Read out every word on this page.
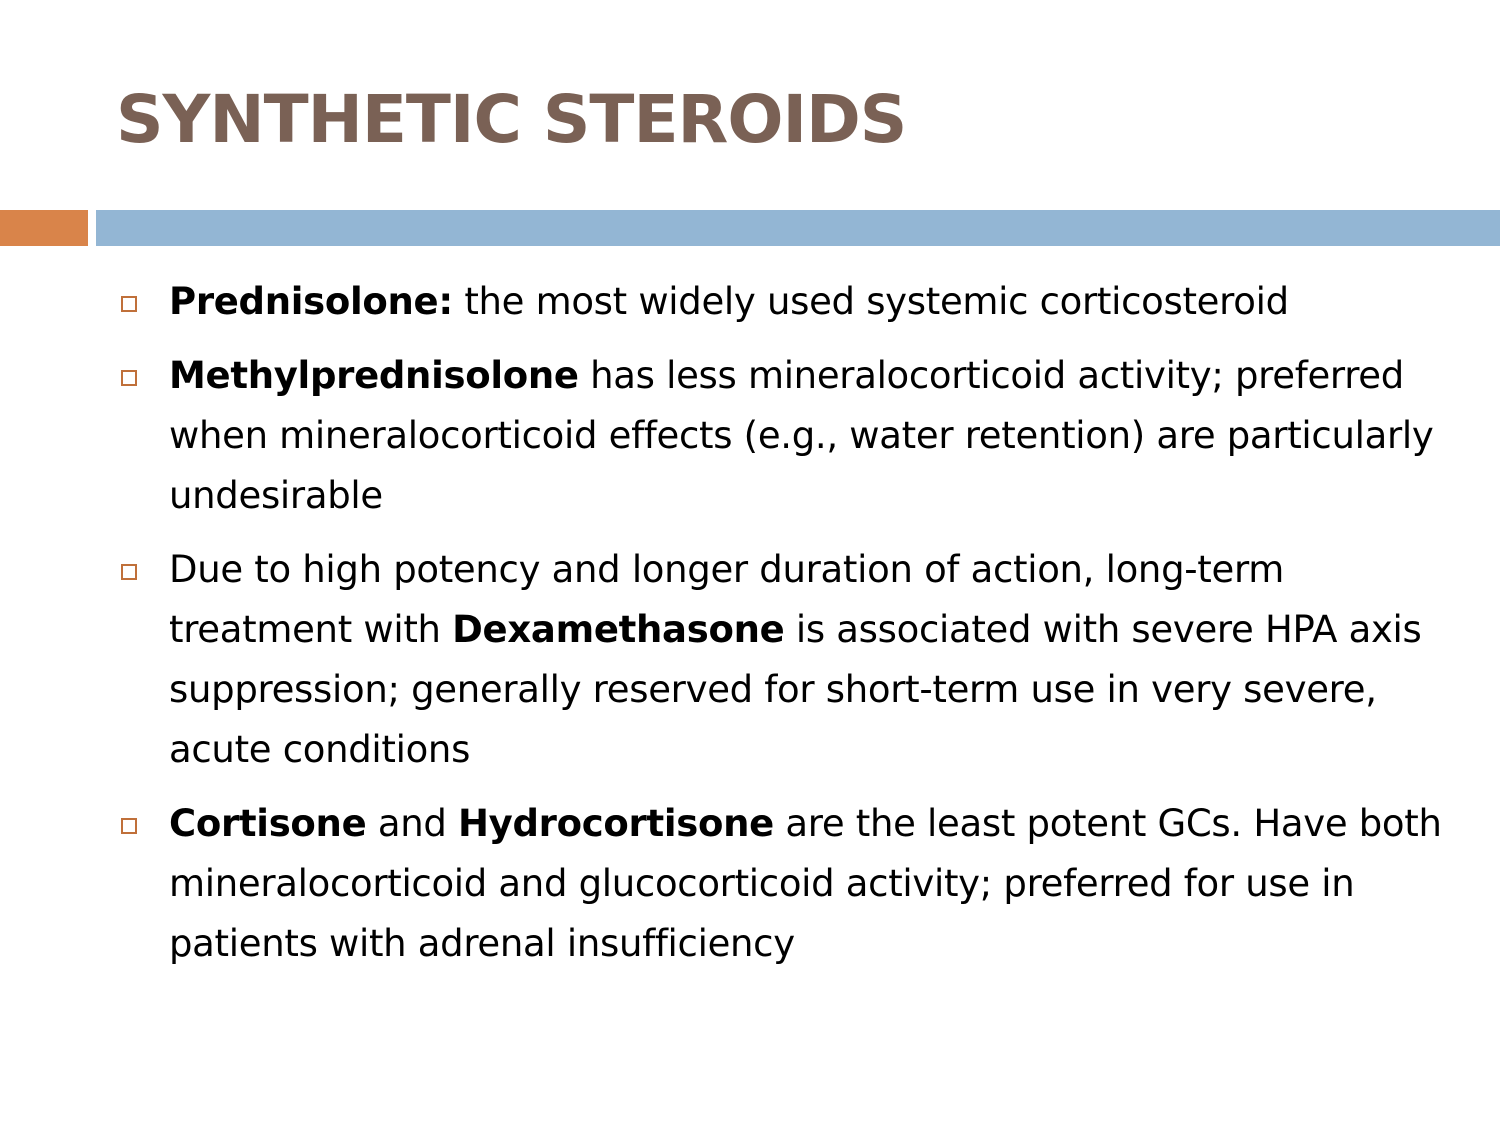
SYNTHETIC STEROIDS
Prednisolone: the most widely used systemic corticosteroid
Methylprednisolone has less mineralocorticoid activity; preferred when mineralocorticoid effects (e.g., water retention) are particularly undesirable
Due to high potency and longer duration of action, long-term treatment with Dexamethasone is associated with severe HPA axis suppression; generally reserved for short-term use in very severe, acute conditions
Cortisone and Hydrocortisone are the least potent GCs. Have both mineralocorticoid and glucocorticoid activity; preferred for use in patients with adrenal insufficiency
